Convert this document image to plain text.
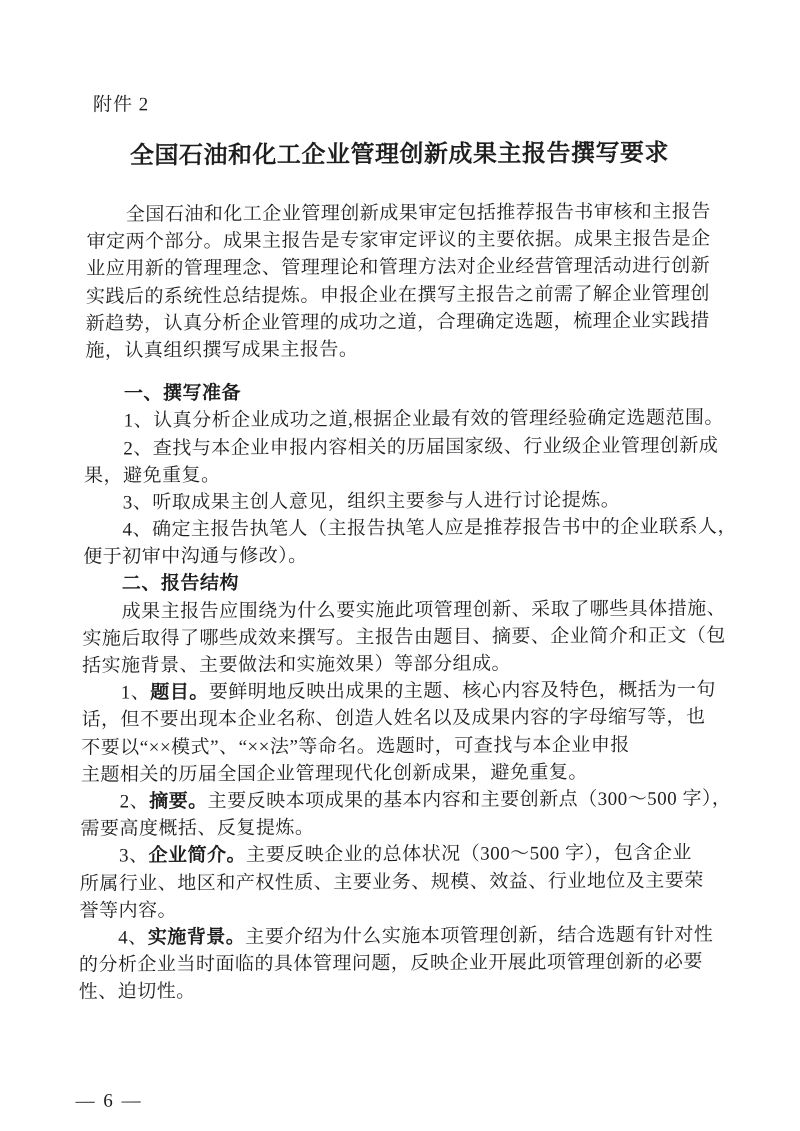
附件 2
全国石油和化工企业管理创新成果主报告撰写要求
全国石油和化工企业管理创新成果审定包括推荐报告书审核和主报告
审定两个部分。成果主报告是专家审定评议的主要依据。成果主报告是企
业应用新的管理理念、管理理论和管理方法对企业经营管理活动进行创新
实践后的系统性总结提炼。申报企业在撰写主报告之前需了解企业管理创
新趋势，认真分析企业管理的成功之道，合理确定选题，梳理企业实践措
施，认真组织撰写成果主报告。
一、撰写准备
1、认真分析企业成功之道,根据企业最有效的管理经验确定选题范围。
2、查找与本企业申报内容相关的历届国家级、行业级企业管理创新成
果，避免重复。
3、听取成果主创人意见，组织主要参与人进行讨论提炼。
4、确定主报告执笔人（主报告执笔人应是推荐报告书中的企业联系人，
便于初审中沟通与修改）。
二、报告结构
成果主报告应围绕为什么要实施此项管理创新、采取了哪些具体措施、
实施后取得了哪些成效来撰写。主报告由题目、摘要、企业简介和正文（包
括实施背景、主要做法和实施效果）等部分组成。
1、题目。要鲜明地反映出成果的主题、核心内容及特色，概括为一句
话，但不要出现本企业名称、创造人姓名以及成果内容的字母缩写等，也
不要以“××模式”、“××法”等命名。选题时，可查找与本企业申报
主题相关的历届全国企业管理现代化创新成果，避免重复。
2、摘要。主要反映本项成果的基本内容和主要创新点（300～500 字），
需要高度概括、反复提炼。
3、企业简介。主要反映企业的总体状况（300～500 字），包含企业
所属行业、地区和产权性质、主要业务、规模、效益、行业地位及主要荣
誉等内容。
4、实施背景。主要介绍为什么实施本项管理创新，结合选题有针对性
的分析企业当时面临的具体管理问题，反映企业开展此项管理创新的必要
性、迫切性。
— 6 —
